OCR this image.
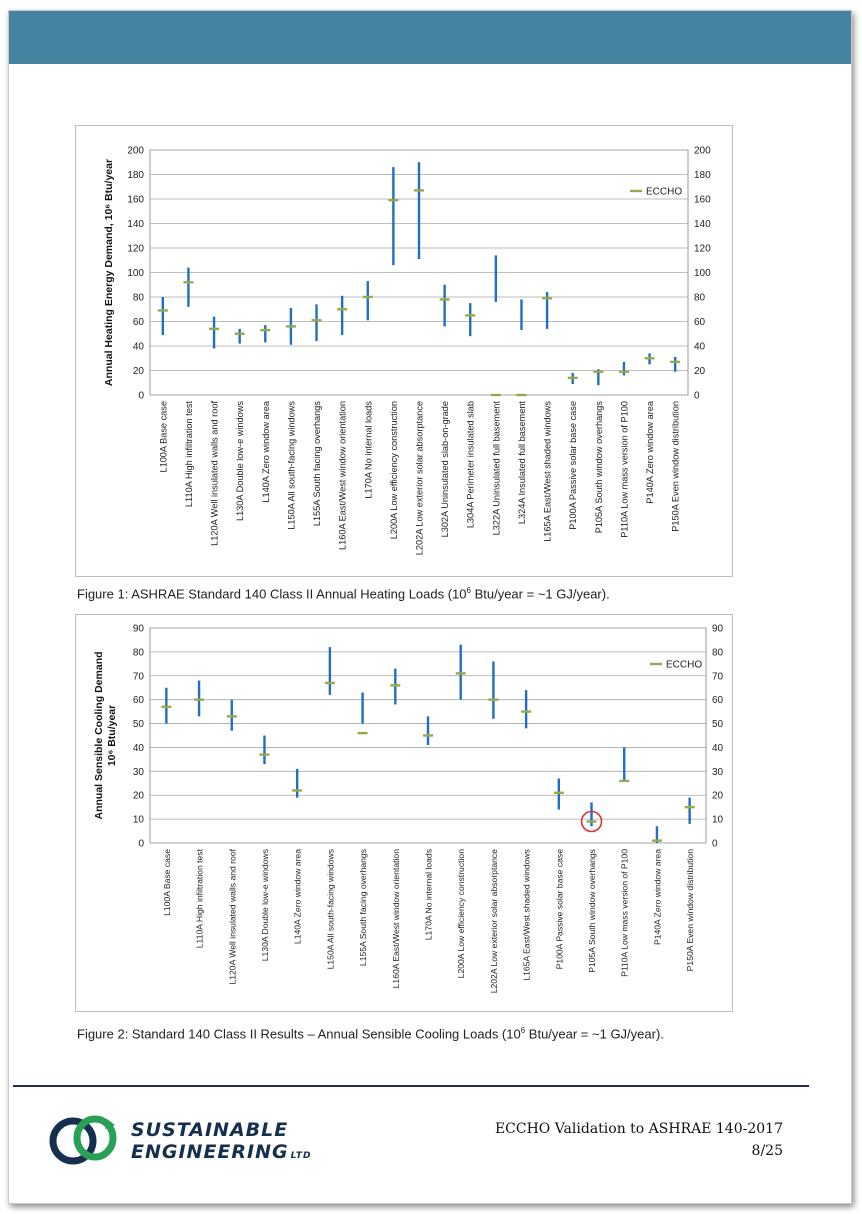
0	0
20	20
40	40
60	60
80	80
100	100
120	120
140	140
160	160
180	180
200	200
Annual Heating Energy Demand, 10⁶ Btu/year
L100A Base case L110A High infiltration test L120A Well insulated walls and roof L130A Double low-e windows L140A Zero window area L150A All south-facing windows L155A South facing overhangs L160A East/West window orientation L170A No internal loads L200A Low efficiency construction L202A Low exterior solar absorptance L302A Uninsulated slab-on-grade L304A Perimeter insulated slab L322A Uninsulated full basement L324A Insulated full basement L165A East/West shaded windows P100A Passive solar base case P105A South window overhangs P110A Low mass version of P100 P140A Zero window area P150A Even window distribution
ECCHO
Figure 1: ASHRAE Standard 140 Class II Annual Heating Loads ($10^6$ Btu/year = ~1 GJ/year).
0	0
10	10
20	20
30	30
40	40
50	50
60	60
70	70
80	80
90	90
Annual Sensible Cooling Demand 10⁶ Btu/year
L100A Base case	L110A High infiltration test	L120A Well insulated walls and roof	L130A Double low-e windows	L140A Zero window area	L150A All south-facing windows	L155A South facing overhangs	L160A East/West window orientation	L170A No internal loads	L200A Low efficiency construction	L202A Low exterior solar absorptance	L165A East/West shaded windows	P100A Passive solar base case	P105A South window overhangs	P110A Low mass version of P100	P140A Zero window area	P150A Even window distribution
ECCHO
Figure 2: Standard 140 Class II Results – Annual Sensible Cooling Loads ($10^6$ Btu/year = ~1 GJ/year).
SUSTAINABLE
ENGINEERING LTD
ECCHO Validation to ASHRAE 140-2017
8/25
